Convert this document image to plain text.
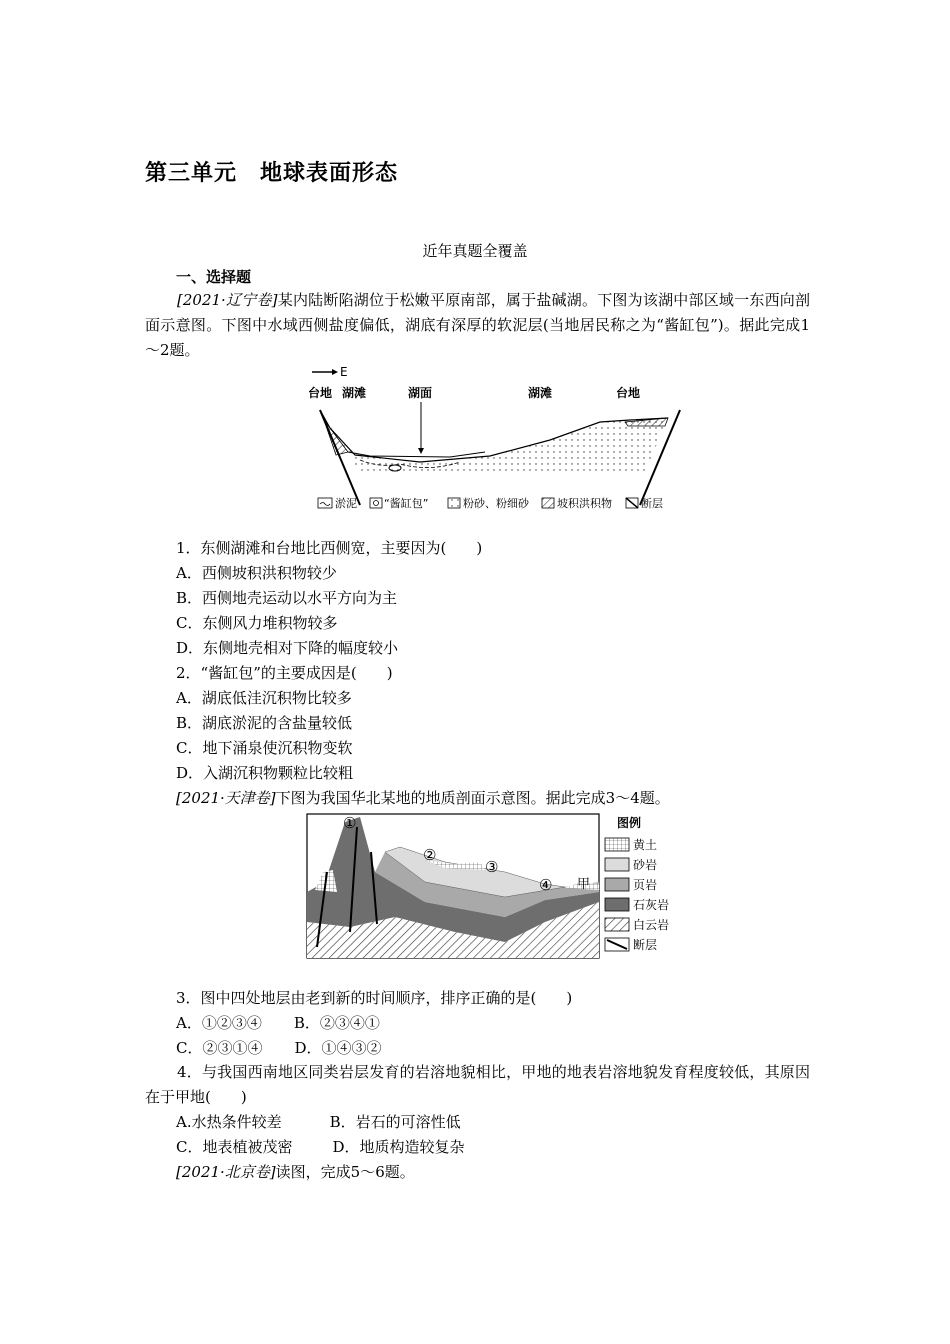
第三单元　地球表面形态
近年真题全覆盖
一、选择题
[2021·辽宁卷]某内陆断陷湖位于松嫩平原南部，属于盐碱湖。下图为该湖中部区域一东西向剖面示意图。下图中水域西侧盐度偏低，湖底有深厚的软泥层(当地居民称之为“酱缸包”)。据此完成1～2题。
E
台地 湖滩	湖面	湖滩	台地
淤泥 “酱缸包”	粉砂、粉细砂	坡积洪积物	断层
1．东侧湖滩和台地比西侧宽，主要因为(　　)
A．西侧坡积洪积物较少
B．西侧地壳运动以水平方向为主
C．东侧风力堆积物较多
D．东侧地壳相对下降的幅度较小
2．“酱缸包”的主要成因是(　　)
A．湖底低洼沉积物比较多
B．湖底淤泥的含盐量较低
C．地下涌泉使沉积物变软
D．入湖沉积物颗粒比较粗
[2021·天津卷]下图为我国华北某地的地质剖面示意图。据此完成3～4题。
①
②
③
④ 甲
图例
黄土
砂岩
页岩
石灰岩
白云岩
断层
3．图中四处地层由老到新的时间顺序，排序正确的是(　　)
A．①②③④ B．②③④①
C．②③①④ D．①④③②
4．与我国西南地区同类岩层发育的岩溶地貌相比，甲地的地表岩溶地貌发育程度较低，其原因在于甲地(　　)
A.水热条件较差	B．岩石的可溶性低
C．地表植被茂密	D．地质构造较复杂
[2021·北京卷]读图，完成5～6题。
